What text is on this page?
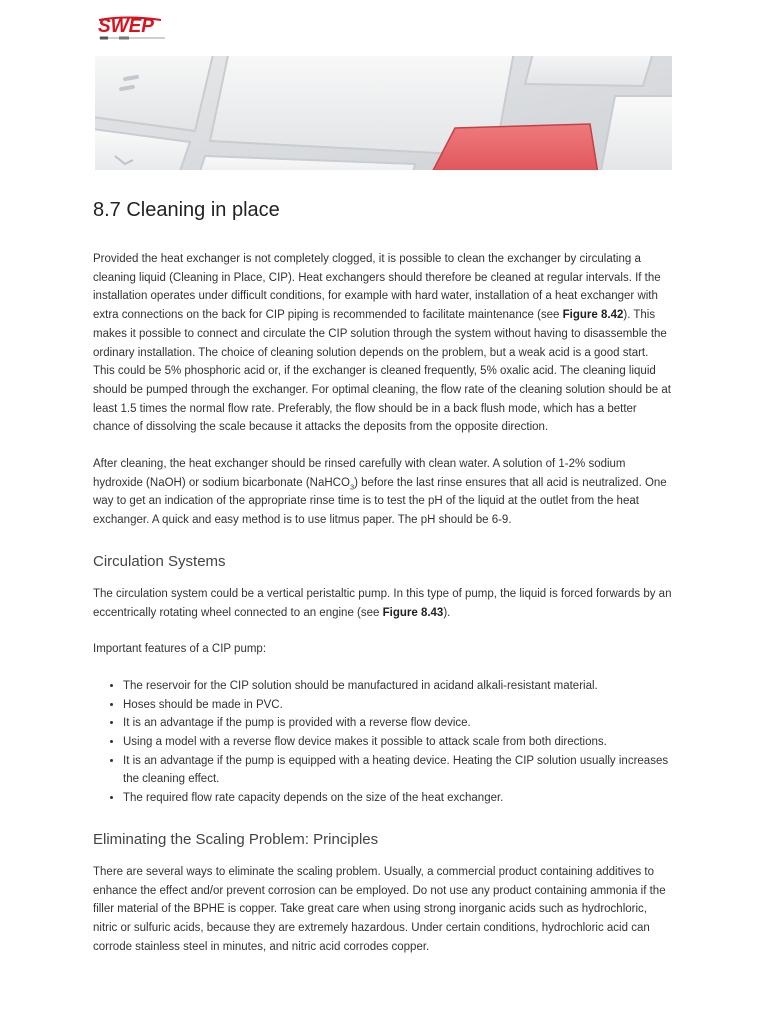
SWEP
8.7 Cleaning in place

Provided the heat exchanger is not completely clogged, it is possible to clean the exchanger by circulating a cleaning liquid (Cleaning in Place, CIP). Heat exchangers should therefore be cleaned at regular intervals. If the installation operates under difficult conditions, for example with hard water, installation of a heat exchanger with extra connections on the back for CIP piping is recommended to facilitate maintenance (see Figure 8.42). This makes it possible to connect and circulate the CIP solution through the system without having to disassemble the ordinary installation. The choice of cleaning solution depends on the problem, but a weak acid is a good start. This could be 5% phosphoric acid or, if the exchanger is cleaned frequently, 5% oxalic acid. The cleaning liquid should be pumped through the exchanger. For optimal cleaning, the flow rate of the cleaning solution should be at least 1.5 times the normal flow rate. Preferably, the flow should be in a back flush mode, which has a better chance of dissolving the scale because it attacks the deposits from the opposite direction.

After cleaning, the heat exchanger should be rinsed carefully with clean water. A solution of 1-2% sodium hydroxide (NaOH) or sodium bicarbonate (NaHCO$_3$) before the last rinse ensures that all acid is neutralized. One way to get an indication of the appropriate rinse time is to test the pH of the liquid at the outlet from the heat exchanger. A quick and easy method is to use litmus paper. The pH should be 6-9.

Circulation Systems

The circulation system could be a vertical peristaltic pump. In this type of pump, the liquid is forced forwards by an eccentrically rotating wheel connected to an engine (see Figure 8.43).

Important features of a CIP pump:

• The reservoir for the CIP solution should be manufactured in acidand alkali-resistant material.
• Hoses should be made in PVC.
• It is an advantage if the pump is provided with a reverse flow device.
• Using a model with a reverse flow device makes it possible to attack scale from both directions.
• It is an advantage if the pump is equipped with a heating device. Heating the CIP solution usually increases the cleaning effect.
• The required flow rate capacity depends on the size of the heat exchanger.
Eliminating the Scaling Problem: Principles

There are several ways to eliminate the scaling problem. Usually, a commercial product containing additives to enhance the effect and/or prevent corrosion can be employed. Do not use any product containing ammonia if the filler material of the BPHE is copper. Take great care when using strong inorganic acids such as hydrochloric, nitric or sulfuric acids, because they are extremely hazardous. Under certain conditions, hydrochloric acid can corrode stainless steel in minutes, and nitric acid corrodes copper.
